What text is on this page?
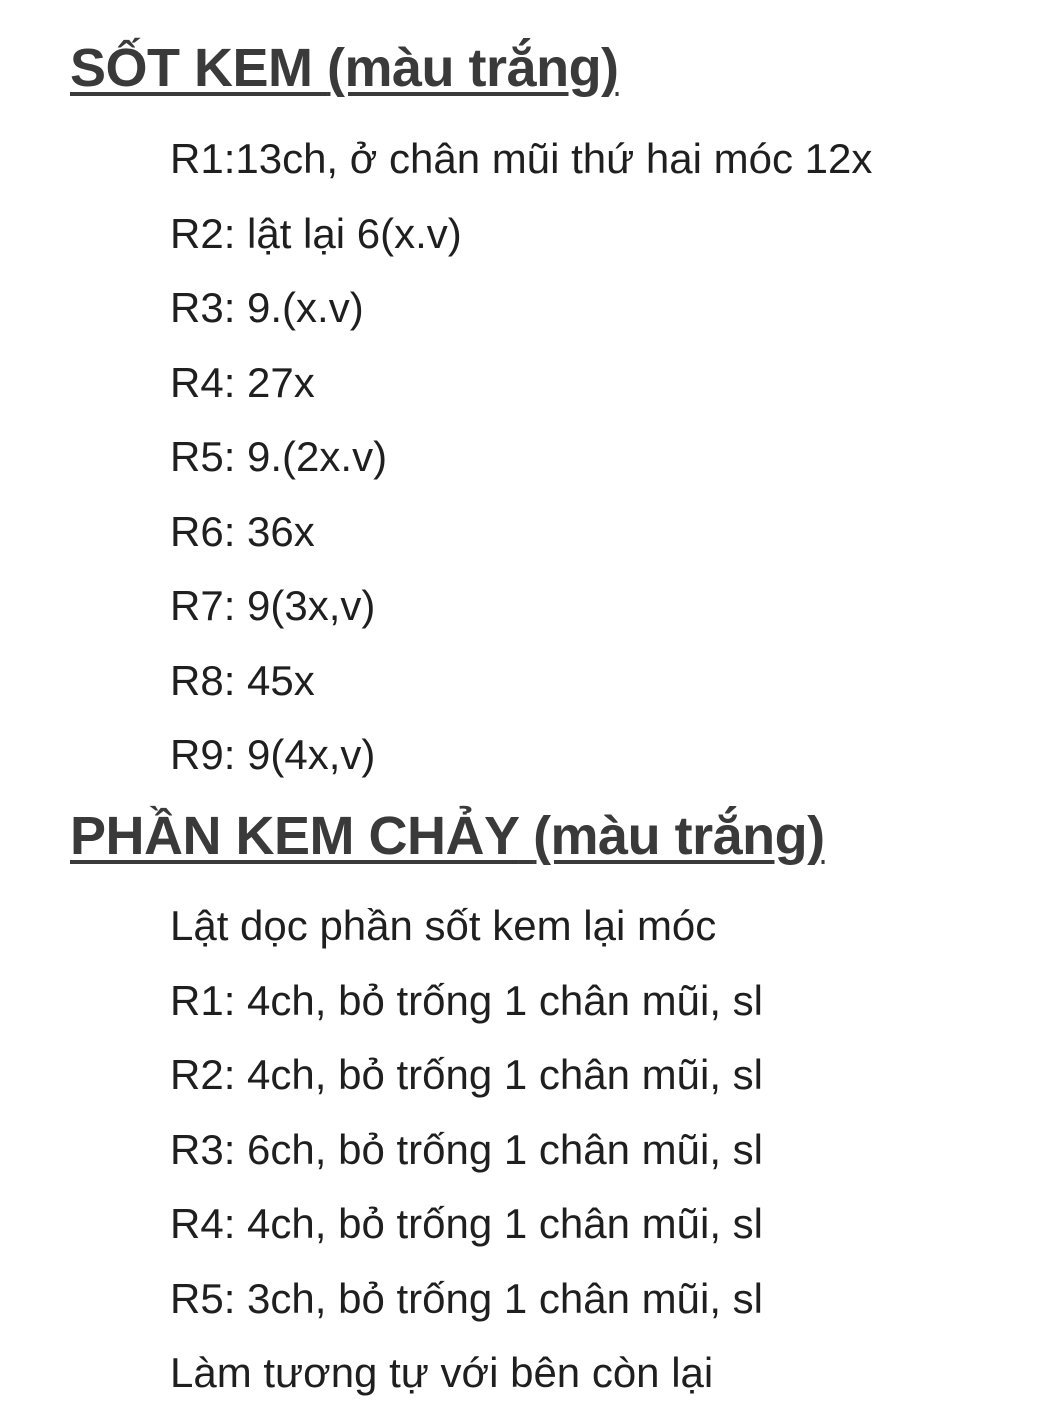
SỐT KEM (màu trắng)
R1:13ch, ở chân mũi thứ hai móc 12x
R2: lật lại 6(x.v)
R3: 9.(x.v)
R4: 27x
R5: 9.(2x.v)
R6: 36x
R7: 9(3x,v)
R8: 45x
R9: 9(4x,v)
PHẦN KEM CHẢY (màu trắng)
Lật dọc phần sốt kem lại móc
R1: 4ch, bỏ trống 1 chân mũi, sl
R2: 4ch, bỏ trống 1 chân mũi, sl
R3: 6ch, bỏ trống 1 chân mũi, sl
R4: 4ch, bỏ trống 1 chân mũi, sl
R5: 3ch, bỏ trống 1 chân mũi, sl
Làm tương tự với bên còn lại
